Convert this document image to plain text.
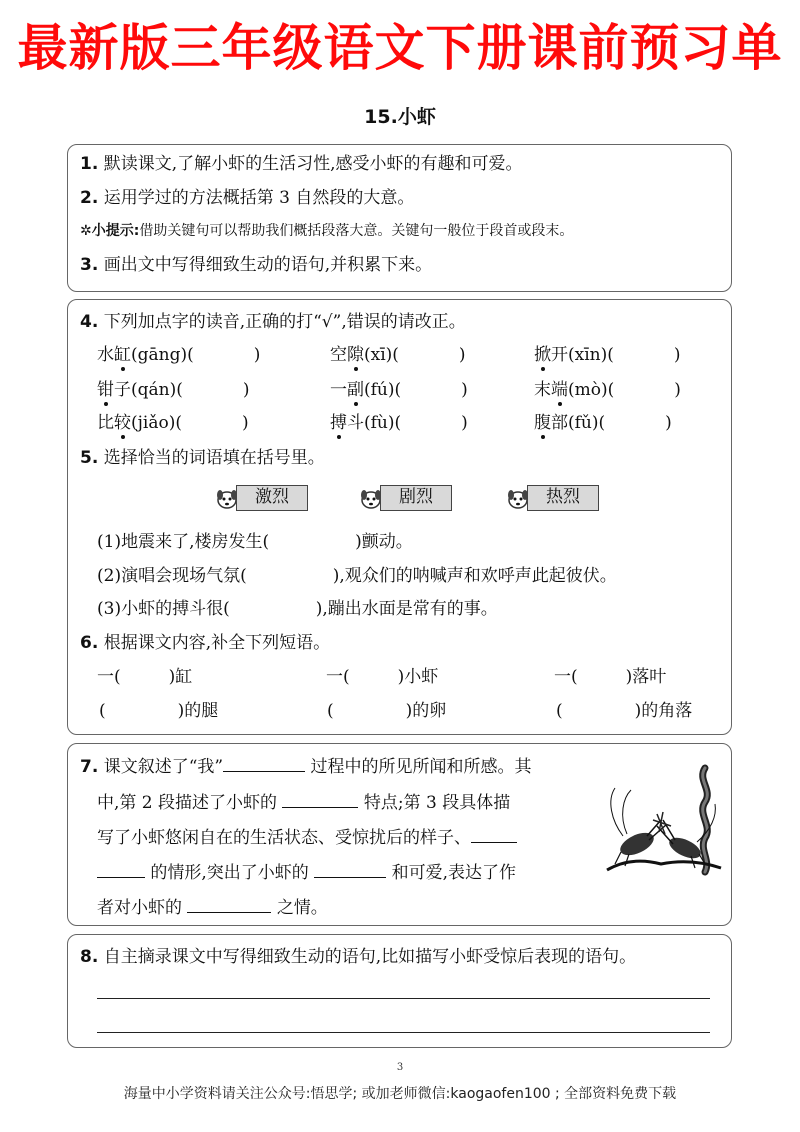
最新版三年级语文下册课前预习单
15.小虾
1. 默读课文,了解小虾的生活习性,感受小虾的有趣和可爱。
2. 运用学过的方法概括第 3 自然段的大意。
✲小提示:借助关键句可以帮助我们概括段落大意。关键句一般位于段首或段末。
3. 画出文中写得细致生动的语句,并积累下来。
4. 下列加点字的读音,正确的打“√”,错误的请改正。
水缸(gāng)(	)	空隙(xī)(	)	掀开(xīn)(	)
钳子(qán)(	)	一副(fú)(	)	末端(mò)(	)
比较(jiǎo)(	)	搏斗(fù)(	)	腹部(fǔ)(	)
5. 选择恰当的词语填在括号里。
激烈	剧烈	热烈
(1)地震来了,楼房发生(	)颤动。
(2)演唱会现场气氛(	),观众们的呐喊声和欢呼声此起彼伏。
(3)小虾的搏斗很(	),蹦出水面是常有的事。
6. 根据课文内容,补全下列短语。
一(	)缸	一(	)小虾	一(	)落叶
(	)的腿	(	)的卵	(	)的角落
7. 课文叙述了“我”	过程中的所见所闻和所感。其
中,第 2 段描述了小虾的	特点;第 3 段具体描
写了小虾悠闲自在的生活状态、受惊扰后的样子、
的情形,突出了小虾的	和可爱,表达了作
者对小虾的	之情。
8. 自主摘录课文中写得细致生动的语句,比如描写小虾受惊后表现的语句。
3
海量中小学资料请关注公众号:悟思学; 或加老师微信:kaogaofen100 ; 全部资料免费下载
